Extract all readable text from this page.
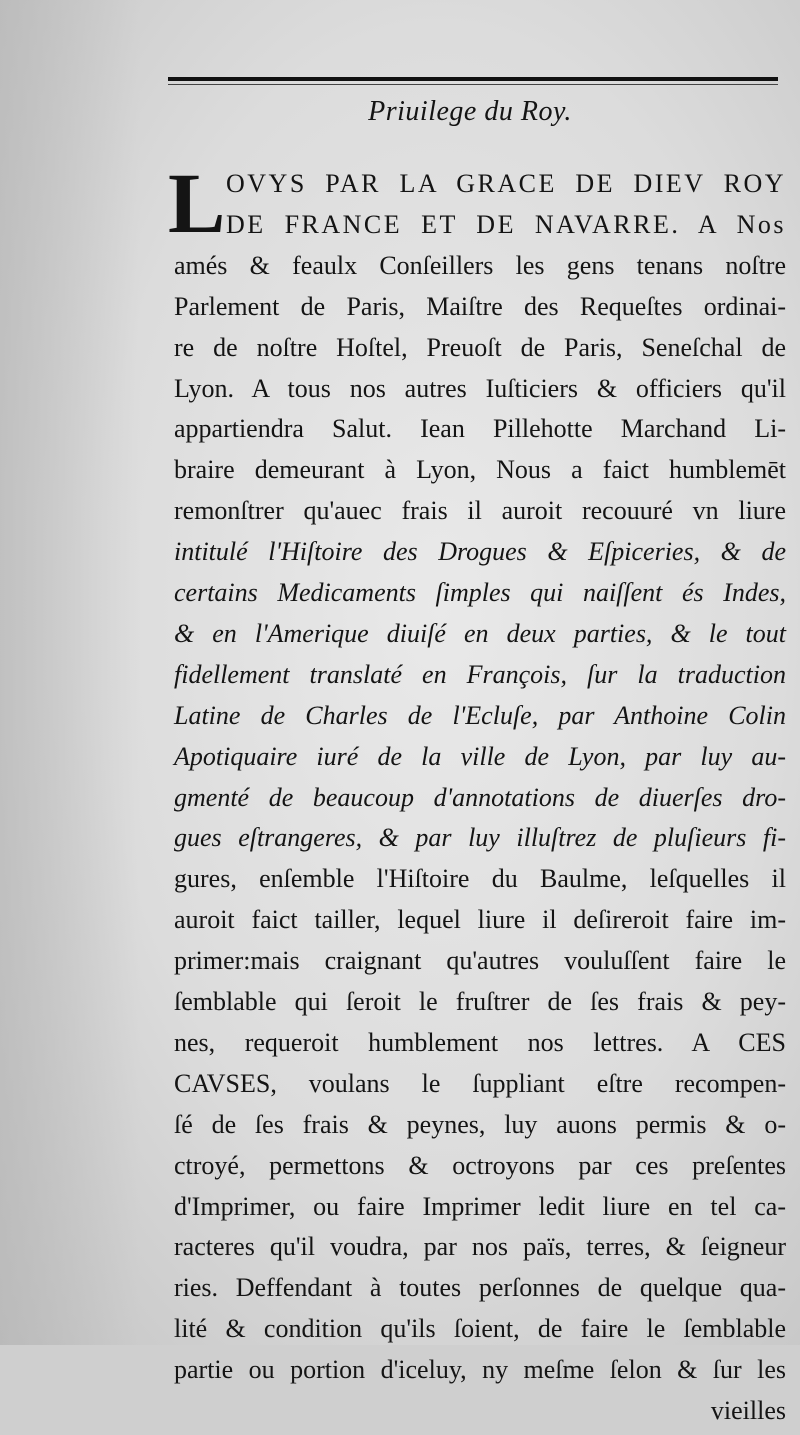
Priuilege du Roy.
L OVYS PAR LA GRACE DE DIEV ROY
DE FRANCE ET DE NAVARRE. A Nos
amés & feaulx Conſeillers les gens tenans noſtre
Parlement de Paris, Maiſtre des Requeſtes ordinai-
re de noſtre Hoſtel, Preuoſt de Paris, Seneſchal de
Lyon. A tous nos autres Iuſticiers & officiers qu'il
appartiendra Salut. Iean Pillehotte Marchand Li-
braire demeurant à Lyon, Nous a faict humblemēt
remonſtrer qu'auec frais il auroit recouuré vn liure
intitulé l'Hiſtoire des Drogues & Eſpiceries, & de
certains Medicaments ſimples qui naiſſent és Indes,
& en l'Amerique diuiſé en deux parties, & le tout
fidellement translaté en François, ſur la traduction
Latine de Charles de l'Ecluſe, par Anthoine Colin
Apotiquaire iuré de la ville de Lyon, par luy au-
gmenté de beaucoup d'annotations de diuerſes dro-
gues eſtrangeres, & par luy illuſtrez de pluſieurs fi-
gures, enſemble l'Hiſtoire du Baulme, leſquelles il
auroit faict tailler, lequel liure il deſireroit faire im-
primer:mais craignant qu'autres vouluſſent faire le
ſemblable qui ſeroit le fruſtrer de ſes frais & pey-
nes, requeroit humblement nos lettres. A CES
CAVSES, voulans le ſuppliant eſtre recompen-
ſé de ſes frais & peynes, luy auons permis & o-
ctroyé, permettons & octroyons par ces preſentes
d'Imprimer, ou faire Imprimer ledit liure en tel ca-
racteres qu'il voudra, par nos païs, terres, & ſeigneur
ries. Deffendant à toutes perſonnes de quelque qua-
lité & condition qu'ils ſoient, de faire le ſemblable
partie ou portion d'iceluy, ny meſme ſelon & ſur les
vieilles
